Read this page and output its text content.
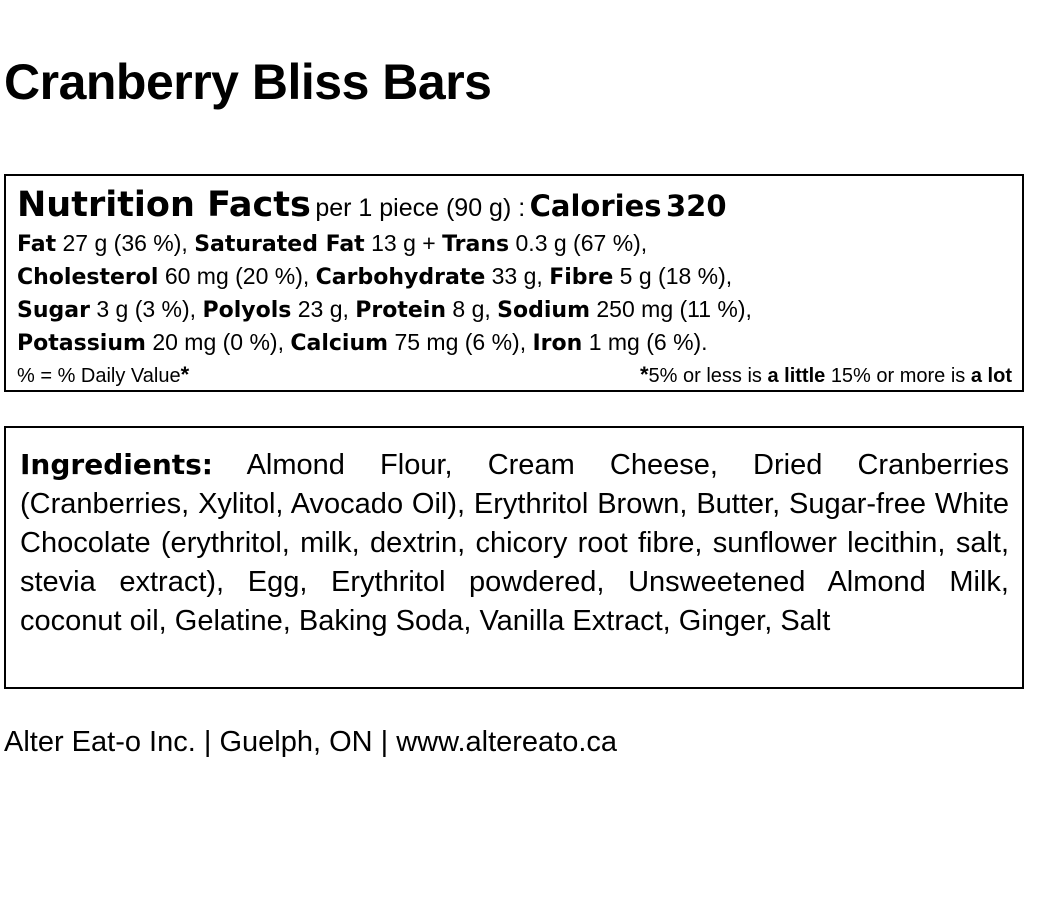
Cranberry Bliss Bars
Nutrition Facts per 1 piece (90 g) : Calories 320
Fat 27 g (36 %), Saturated Fat 13 g + Trans 0.3 g (67 %),
Cholesterol 60 mg (20 %), Carbohydrate 33 g, Fibre 5 g (18 %),
Sugar 3 g (3 %), Polyols 23 g, Protein 8 g, Sodium 250 mg (11 %),
Potassium 20 mg (0 %), Calcium 75 mg (6 %), Iron 1 mg (6 %).
% = % Daily Value*	*5% or less is a little 15% or more is a lot

Ingredients: Almond Flour, Cream Cheese, Dried Cranberries (Cranberries, Xylitol, Avocado Oil), Erythritol Brown, Butter, Sugar-free White Chocolate (erythritol, milk, dextrin, chicory root fibre, sunflower lecithin, salt, stevia extract), Egg, Erythritol powdered, Unsweetened Almond Milk, coconut oil, Gelatine, Baking Soda, Vanilla Extract, Ginger, Salt

Alter Eat-o Inc. | Guelph, ON | www.altereato.ca
